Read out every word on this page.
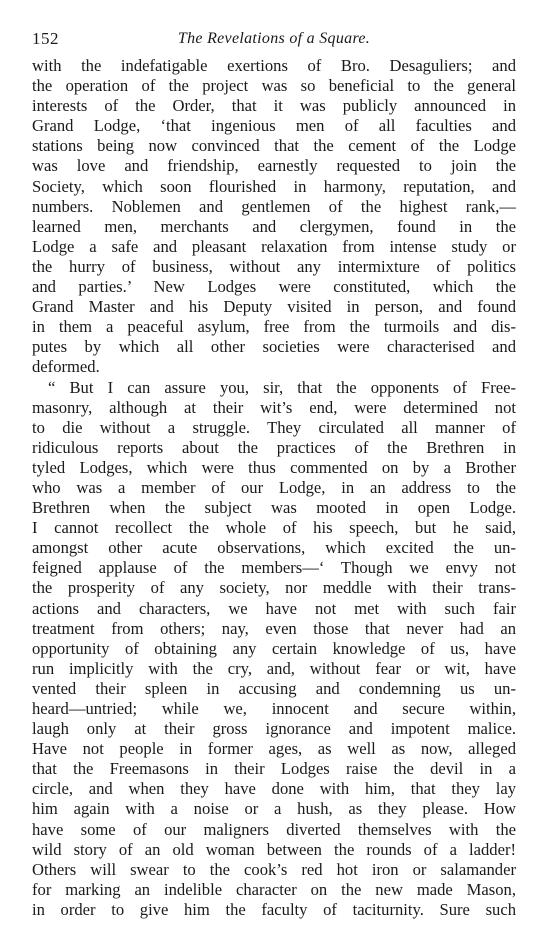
152	The Revelations of a Square.
with the indefatigable exertions of Bro. Desaguliers; and
the operation of the project was so beneficial to the general
interests of the Order, that it was publicly announced in
Grand Lodge, ‘that ingenious men of all faculties and
stations being now convinced that the cement of the Lodge
was love and friendship, earnestly requested to join the
Society, which soon flourished in harmony, reputation, and
numbers. Noblemen and gentlemen of the highest rank,—
learned men, merchants and clergymen, found in the
Lodge a safe and pleasant relaxation from intense study or
the hurry of business, without any intermixture of politics
and parties.’ New Lodges were constituted, which the
Grand Master and his Deputy visited in person, and found
in them a peaceful asylum, free from the turmoils and dis-
putes by which all other societies were characterised and
deformed.
“ But I can assure you, sir, that the opponents of Free-
masonry, although at their wit’s end, were determined not
to die without a struggle. They circulated all manner of
ridiculous reports about the practices of the Brethren in
tyled Lodges, which were thus commented on by a Brother
who was a member of our Lodge, in an address to the
Brethren when the subject was mooted in open Lodge.
I cannot recollect the whole of his speech, but he said,
amongst other acute observations, which excited the un-
feigned applause of the members—‘ Though we envy not
the prosperity of any society, nor meddle with their trans-
actions and characters, we have not met with such fair
treatment from others; nay, even those that never had an
opportunity of obtaining any certain knowledge of us, have
run implicitly with the cry, and, without fear or wit, have
vented their spleen in accusing and condemning us un-
heard—untried; while we, innocent and secure within,
laugh only at their gross ignorance and impotent malice.
Have not people in former ages, as well as now, alleged
that the Freemasons in their Lodges raise the devil in a
circle, and when they have done with him, that they lay
him again with a noise or a hush, as they please. How
have some of our maligners diverted themselves with the
wild story of an old woman between the rounds of a ladder!
Others will swear to the cook’s red hot iron or salamander
for marking an indelible character on the new made Mason,
in order to give him the faculty of taciturnity. Sure such
